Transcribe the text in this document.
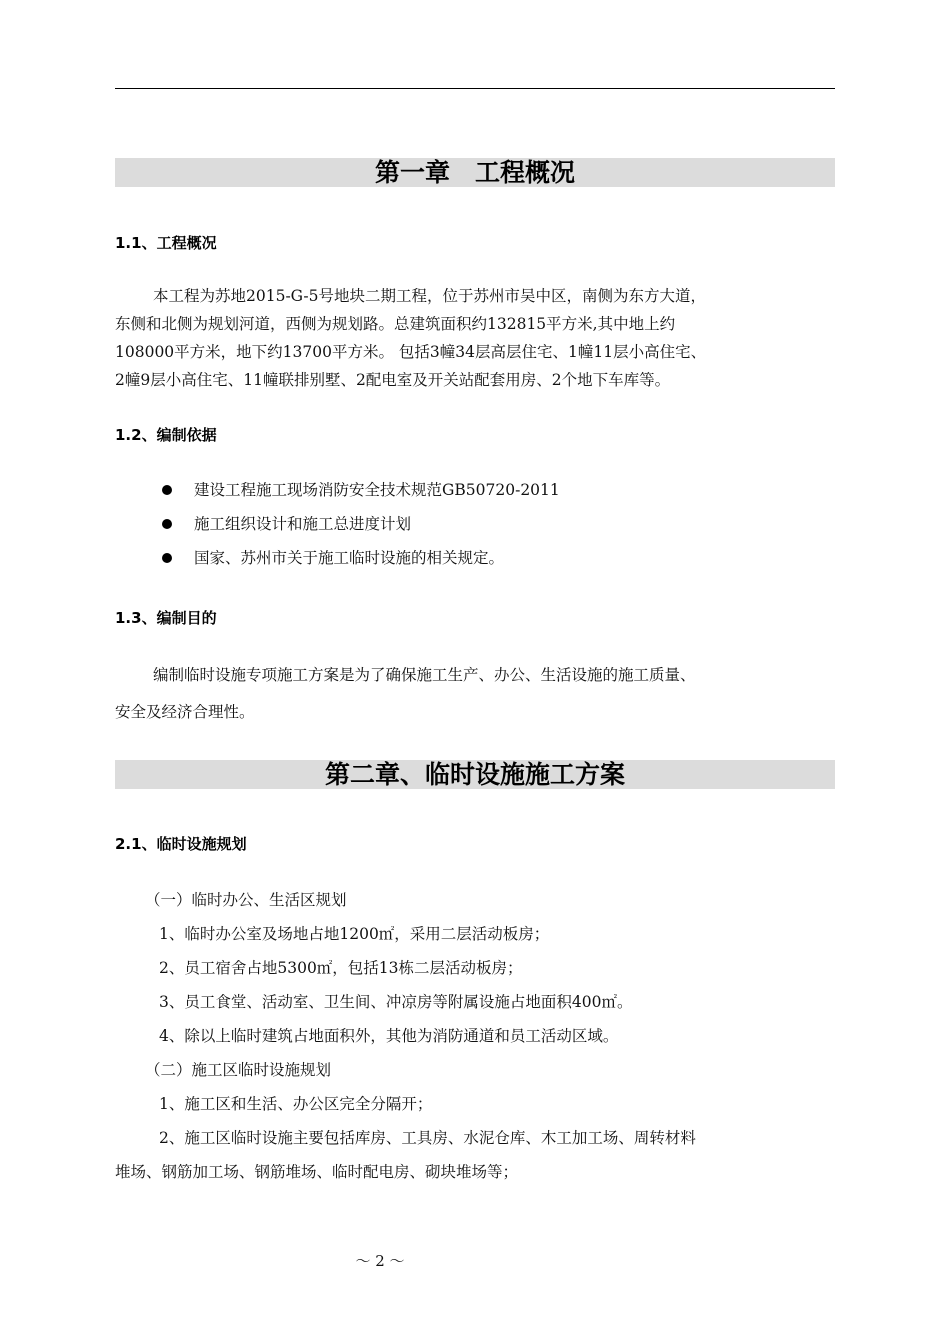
第一章　工程概况
1.1、工程概况
本工程为苏地2015-G-5号地块二期工程，位于苏州市吴中区，南侧为东方大道，
东侧和北侧为规划河道，西侧为规划路。总建筑面积约132815平方米,其中地上约
108000平方米，地下约13700平方米。 包括3幢34层高层住宅、1幢11层小高住宅、
2幢9层小高住宅、11幢联排别墅、2配电室及开关站配套用房、2个地下车库等。
1.2、编制依据
建设工程施工现场消防安全技术规范GB50720-2011
施工组织设计和施工总进度计划
国家、苏州市关于施工临时设施的相关规定。
1.3、编制目的
编制临时设施专项施工方案是为了确保施工生产、办公、生活设施的施工质量、
安全及经济合理性。
第二章、临时设施施工方案
2.1、临时设施规划
（一）临时办公、生活区规划
1、临时办公室及场地占地1200㎡，采用二层活动板房；
2、员工宿舍占地5300㎡，包括13栋二层活动板房；
3、员工食堂、活动室、卫生间、冲凉房等附属设施占地面积400㎡。
4、除以上临时建筑占地面积外，其他为消防通道和员工活动区域。
（二）施工区临时设施规划
1、施工区和生活、办公区完全分隔开；
2、施工区临时设施主要包括库房、工具房、水泥仓库、木工加工场、周转材料
堆场、钢筋加工场、钢筋堆场、临时配电房、砌块堆场等；
～ 2 ～
